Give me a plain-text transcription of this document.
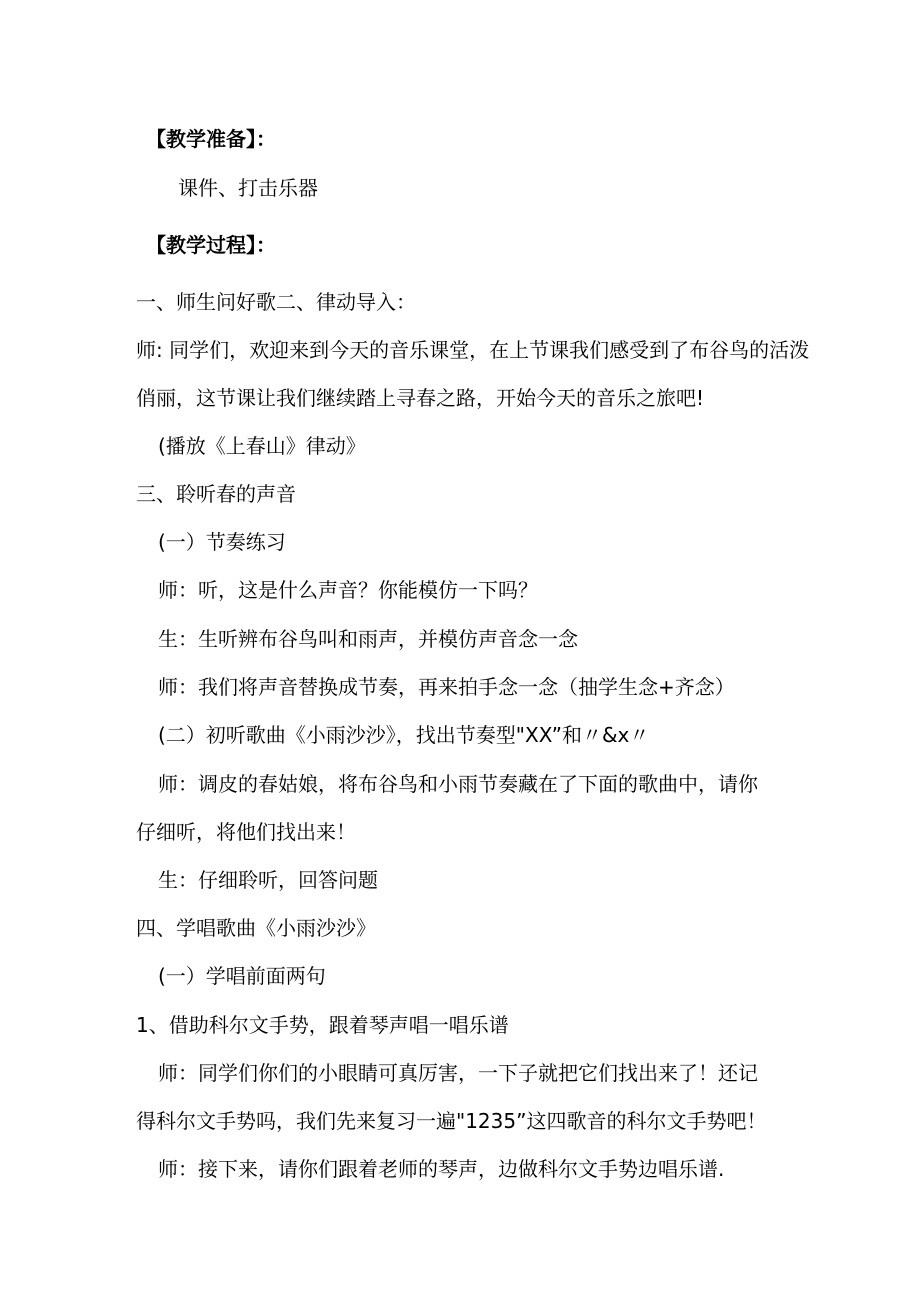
【教学准备】：
课件、打击乐器
【教学过程】：
一、师生问好歌二、律动导入：
师: 同学们，欢迎来到今天的音乐课堂，在上节课我们感受到了布谷鸟的活泼
俏丽，这节课让我们继续踏上寻春之路，开始今天的音乐之旅吧!
(播放《上春山》律动》
三、聆听春的声音
(一）节奏练习
师：听，这是什么声音？你能模仿一下吗？
生：生听辨布谷鸟叫和雨声，并模仿声音念一念
师：我们将声音替换成节奏，再来拍手念一念（抽学生念+齐念）
(二）初听歌曲《小雨沙沙》，找出节奏型"XX”和〃&x〃
师：调皮的春姑娘，将布谷鸟和小雨节奏藏在了下面的歌曲中，请你
仔细听，将他们找出来！
生：仔细聆听，回答问题
四、学唱歌曲《小雨沙沙》
(一）学唱前面两句
1、借助科尔文手势，跟着琴声唱一唱乐谱
师：同学们你们的小眼睛可真厉害，一下子就把它们找出来了！还记
得科尔文手势吗，我们先来复习一遍"1235”这四歌音的科尔文手势吧！
师：接下来，请你们跟着老师的琴声，边做科尔文手势边唱乐谱.
